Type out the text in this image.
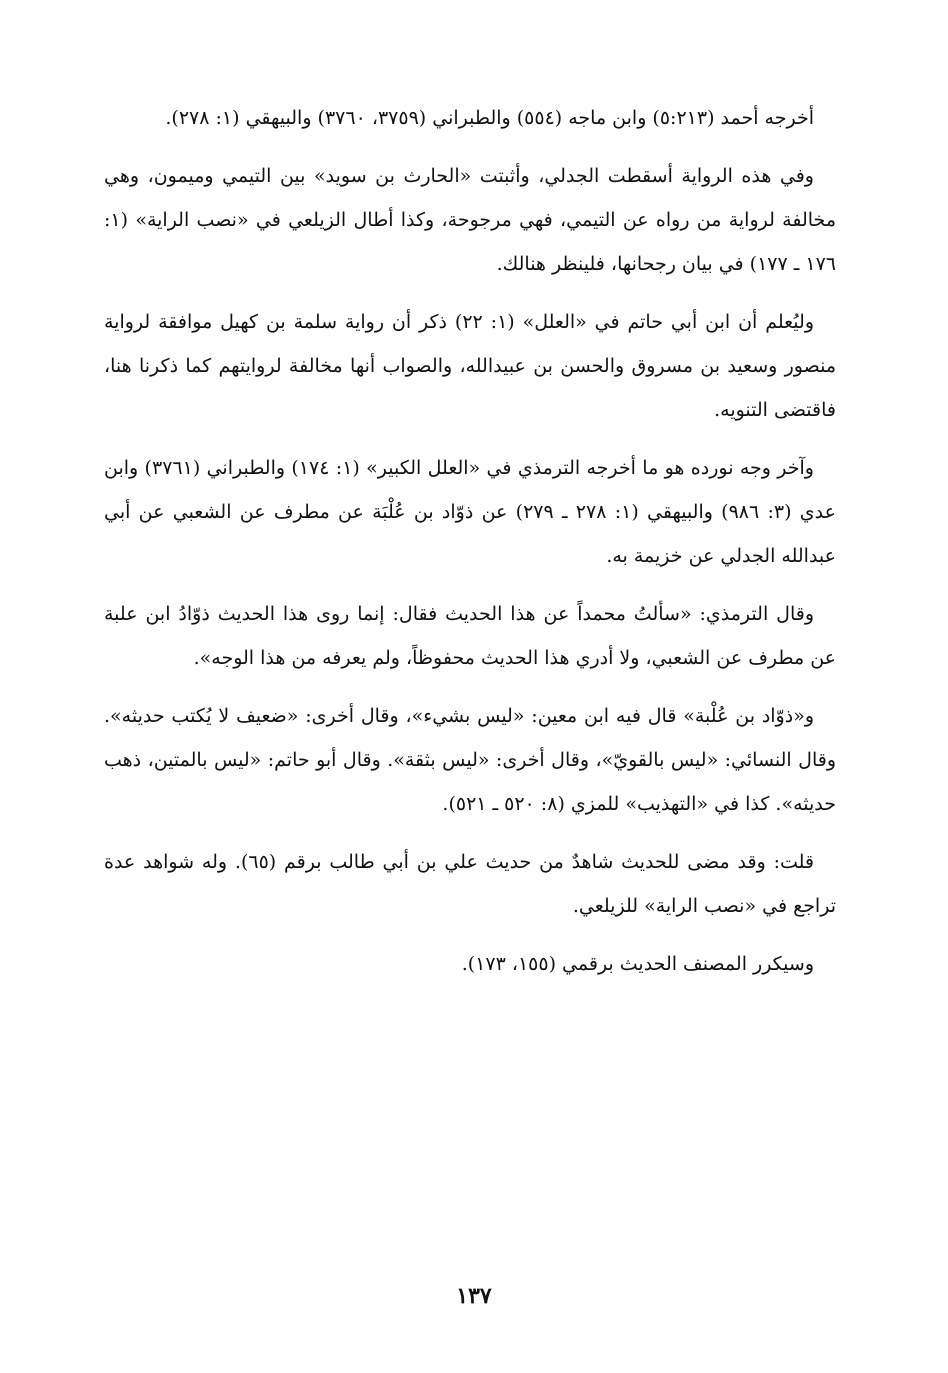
أخرجه أحمد (٥:٢١٣) وابن ماجه (٥٥٤) والطبراني (٣٧٥٩، ٣٧٦٠) والبيهقي (١: ٢٧٨).

وفي هذه الرواية أسقطت الجدلي، وأثبتت «الحارث بن سويد» بين التيمي وميمون، وهي مخالفة لرواية من رواه عن التيمي، فهي مرجوحة، وكذا أطال الزيلعي في «نصب الراية» (١: ١٧٦ ـ ١٧٧) في بيان رجحانها، فلينظر هنالك.

وليُعلم أن ابن أبي حاتم في «العلل» (١: ٢٢) ذكر أن رواية سلمة بن كهيل موافقة لرواية منصور وسعيد بن مسروق والحسن بن عبيدالله، والصواب أنها مخالفة لروايتهم كما ذكرنا هنا، فاقتضى التنويه.

وآخر وجه نورده هو ما أخرجه الترمذي في «العلل الكبير» (١: ١٧٤) والطبراني (٣٧٦١) وابن عدي (٣: ٩٨٦) والبيهقي (١: ٢٧٨ ـ ٢٧٩) عن ذوّاد بن عُلْبَة عن مطرف عن الشعبي عن أبي عبدالله الجدلي عن خزيمة به.

وقال الترمذي: «سألتُ محمداً عن هذا الحديث فقال: إنما روى هذا الحديث ذوّادُ ابن علبة عن مطرف عن الشعبي، ولا أدري هذا الحديث محفوظاً، ولم يعرفه من هذا الوجه».

و«ذوّاد بن عُلْبة» قال فيه ابن معين: «ليس بشيء»، وقال أخرى: «ضعيف لا يُكتب حديثه». وقال النسائي: «ليس بالقويّ»، وقال أخرى: «ليس بثقة». وقال أبو حاتم: «ليس بالمتين، ذهب حديثه». كذا في «التهذيب» للمزي (٨: ٥٢٠ ـ ٥٢١).

قلت: وقد مضى للحديث شاهدٌ من حديث علي بن أبي طالب برقم (٦٥). وله شواهد عدة تراجع في «نصب الراية» للزيلعي.

وسيكرر المصنف الحديث برقمي (١٥٥، ١٧٣).

١٣٧
